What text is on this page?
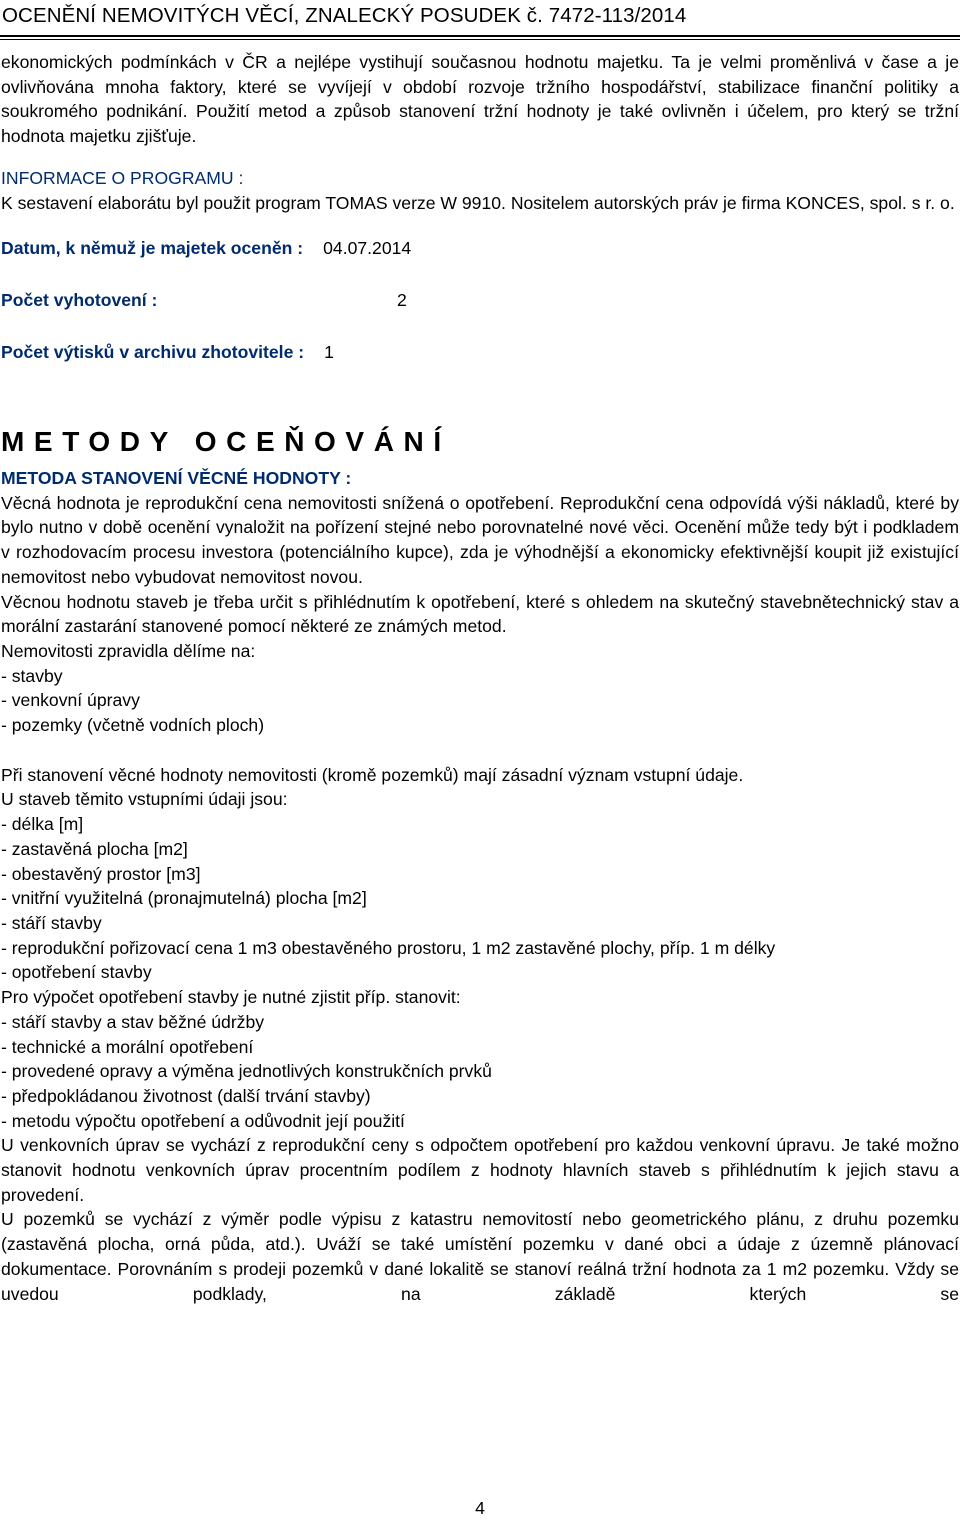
OCENĚNÍ NEMOVITÝCH VĚCÍ, ZNALECKÝ POSUDEK č. 7472-113/2014

ekonomických podmínkách v ČR a nejlépe vystihují současnou hodnotu majetku. Ta je velmi proměnlivá v čase a je ovlivňována mnoha faktory, které se vyvíjejí v období rozvoje tržního hospodářství, stabilizace finanční politiky a soukromého podnikání. Použití metod a způsob stanovení tržní hodnoty je také ovlivněn i účelem, pro který se tržní hodnota majetku zjišťuje.

INFORMACE O PROGRAMU :

K sestavení elaborátu byl použit program TOMAS verze W 9910. Nositelem autorských práv je firma KONCES, spol. s r. o.

Datum, k němuž je majetek oceněn : 04.07.2014
Počet vyhotovení :	2
Počet výtisků v archivu zhotovitele : 1

METODY OCEŇOVÁNÍ

METODA STANOVENÍ VĚCNÉ HODNOTY :

Věcná hodnota je reprodukční cena nemovitosti snížená o opotřebení. Reprodukční cena odpovídá výši nákladů, které by bylo nutno v době ocenění vynaložit na pořízení stejné nebo porovnatelné nové věci. Ocenění může tedy být i podkladem v rozhodovacím procesu investora (potenciálního kupce), zda je výhodnější a ekonomicky efektivnější koupit již existující nemovitost nebo vybudovat nemovitost novou.

Věcnou hodnotu staveb je třeba určit s přihlédnutím k opotřebení, které s ohledem na skutečný stavebnětechnický stav a morální zastarání stanovené pomocí některé ze známých metod.

Nemovitosti zpravidla dělíme na:

- stavby
- venkovní úpravy
- pozemky (včetně vodních ploch)

Při stanovení věcné hodnoty nemovitosti (kromě pozemků) mají zásadní význam vstupní údaje.

U staveb těmito vstupními údaji jsou:

- délka [m]
- zastavěná plocha [m2]
- obestavěný prostor [m3]
- vnitřní využitelná (pronajmutelná) plocha [m2]
- stáří stavby
- reprodukční pořizovací cena 1 m3 obestavěného prostoru, 1 m2 zastavěné plochy, příp. 1 m délky
- opotřebení stavby

Pro výpočet opotřebení stavby je nutné zjistit příp. stanovit:

- stáří stavby a stav běžné údržby
- technické a morální opotřebení
- provedené opravy a výměna jednotlivých konstrukčních prvků
- předpokládanou životnost (další trvání stavby)
- metodu výpočtu opotřebení a odůvodnit její použití

U venkovních úprav se vychází z reprodukční ceny s odpočtem opotřebení pro každou venkovní úpravu. Je také možno stanovit hodnotu venkovních úprav procentním podílem z hodnoty hlavních staveb s přihlédnutím k jejich stavu a provedení.

U pozemků se vychází z výměr podle výpisu z katastru nemovitostí nebo geometrického plánu, z druhu pozemku (zastavěná plocha, orná půda, atd.). Uváží se také umístění pozemku v dané obci a údaje z územně plánovací dokumentace. Porovnáním s prodeji pozemků v dané lokalitě se stanoví reálná tržní hodnota za 1 m2 pozemku. Vždy se uvedou podklady, na základě kterých se

4
